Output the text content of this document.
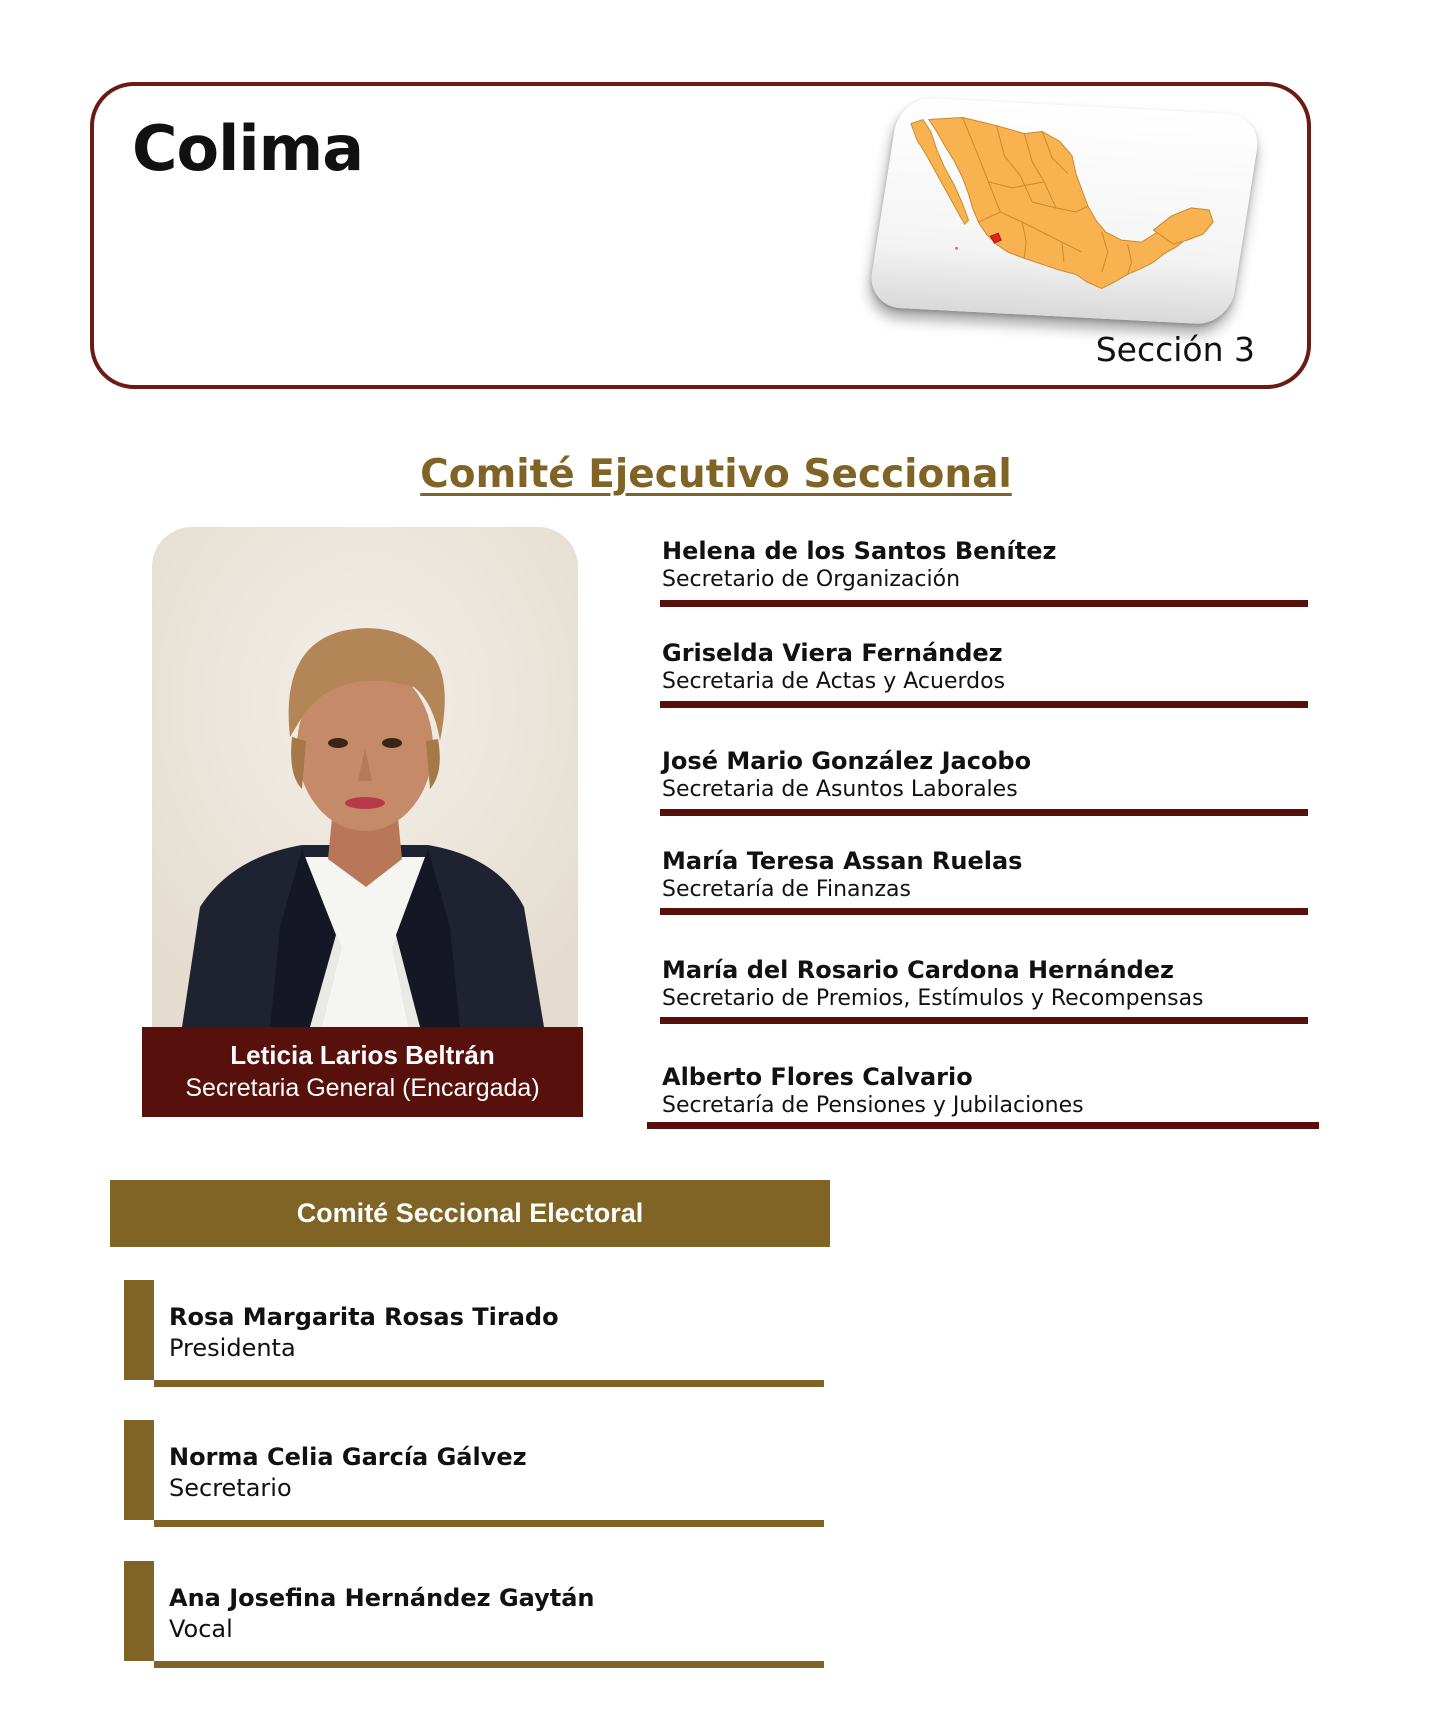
Colima
Sección 3
Comité Ejecutivo Seccional
Leticia Larios Beltrán
Secretaria General (Encargada)
Helena de los Santos Benítez
Secretario de Organización
Griselda Viera Fernández
Secretaria de Actas y Acuerdos
José Mario González Jacobo
Secretaria de Asuntos Laborales
María Teresa Assan Ruelas
Secretaría de Finanzas
María del Rosario Cardona Hernández
Secretario de Premios, Estímulos y Recompensas
Alberto Flores Calvario
Secretaría de Pensiones y Jubilaciones
Comité Seccional Electoral
Rosa Margarita Rosas Tirado
Presidenta
Norma Celia García Gálvez
Secretario
Ana Josefina Hernández Gaytán
Vocal
